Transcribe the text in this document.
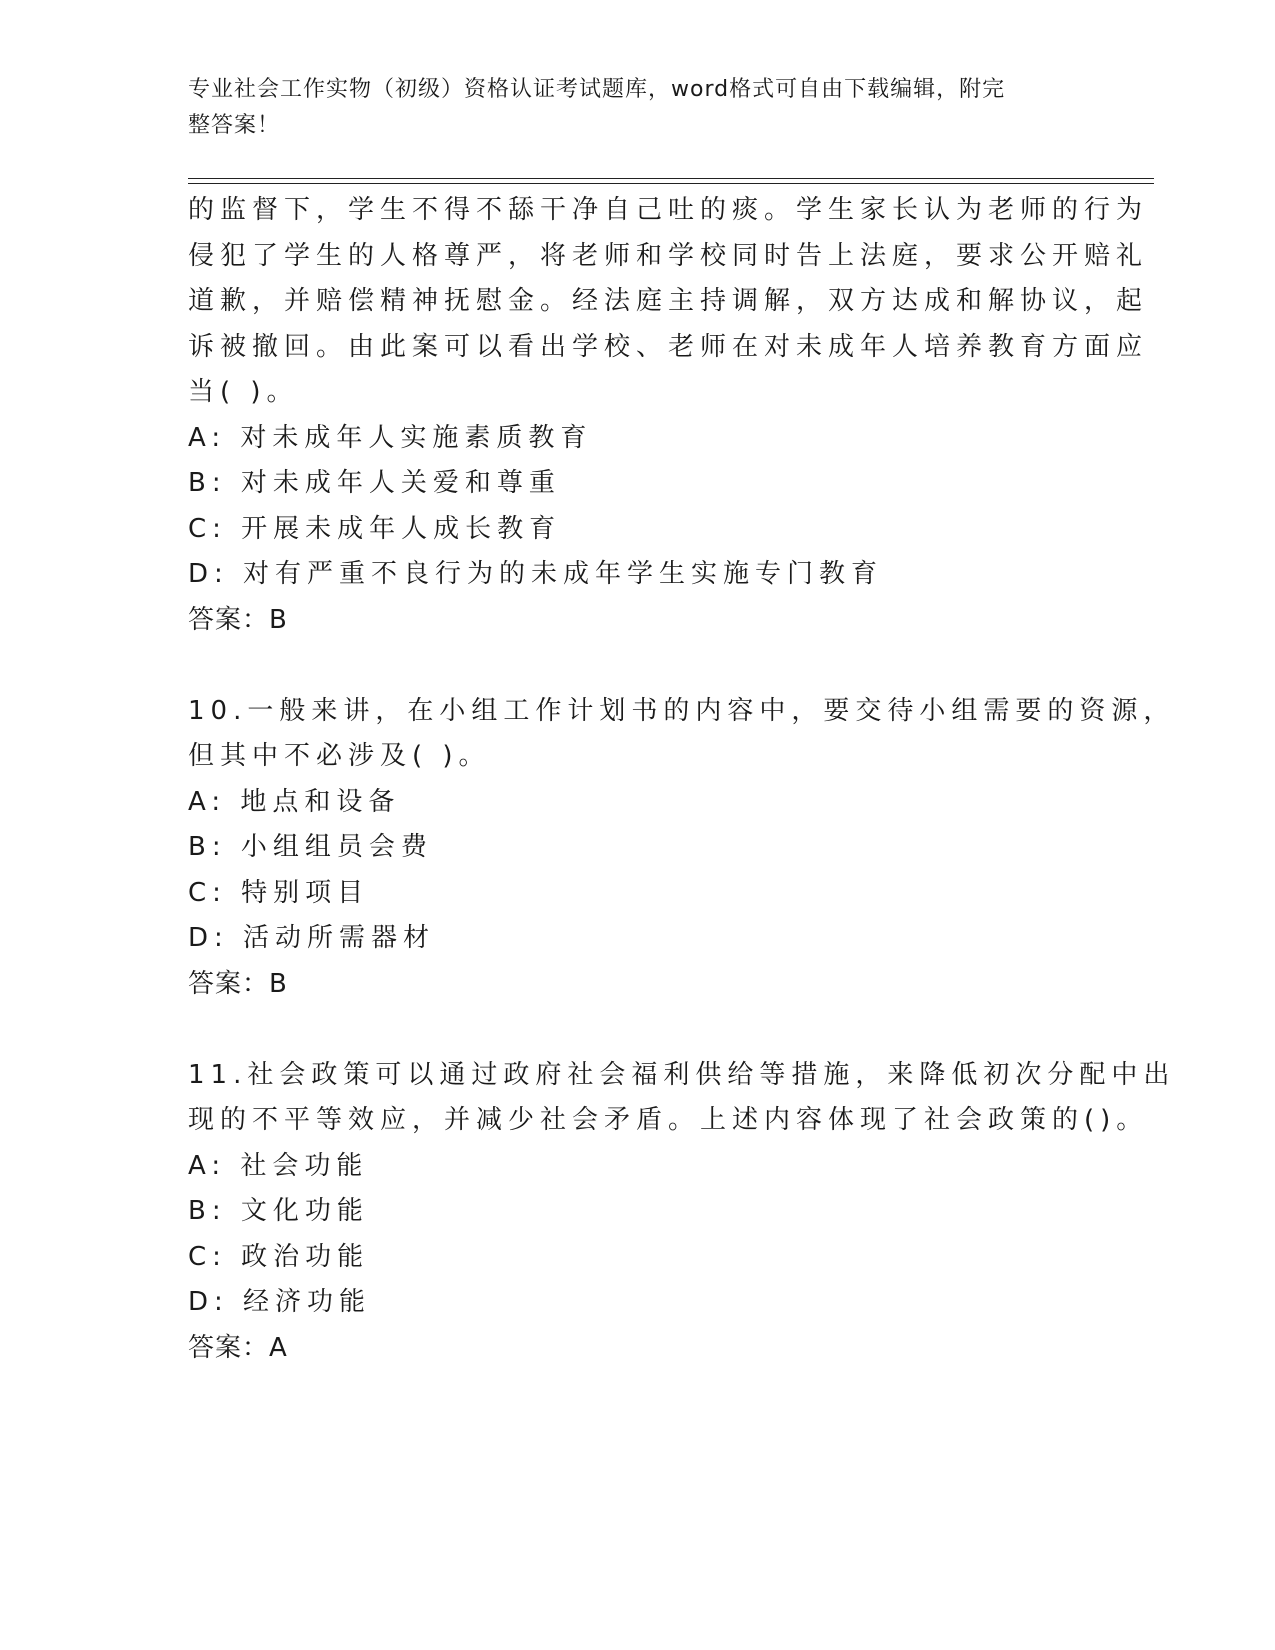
专业社会工作实物（初级）资格认证考试题库，word格式可自由下载编辑，附完
整答案！
的监督下，学生不得不舔干净自己吐的痰。学生家长认为老师的行为
侵犯了学生的人格尊严，将老师和学校同时告上法庭，要求公开赔礼
道歉，并赔偿精神抚慰金。经法庭主持调解，双方达成和解协议，起
诉被撤回。由此案可以看出学校、老师在对未成年人培养教育方面应
当( )。
A: 对未成年人实施素质教育
B: 对未成年人关爱和尊重
C: 开展未成年人成长教育
D: 对有严重不良行为的未成年学生实施专门教育
答案：B
10.一般来讲，在小组工作计划书的内容中，要交待小组需要的资源，
但其中不必涉及( )。
A: 地点和设备
B: 小组组员会费
C: 特别项目
D: 活动所需器材
答案：B
11.社会政策可以通过政府社会福利供给等措施，来降低初次分配中出
现的不平等效应，并减少社会矛盾。上述内容体现了社会政策的()。
A: 社会功能
B: 文化功能
C: 政治功能
D: 经济功能
答案：A
